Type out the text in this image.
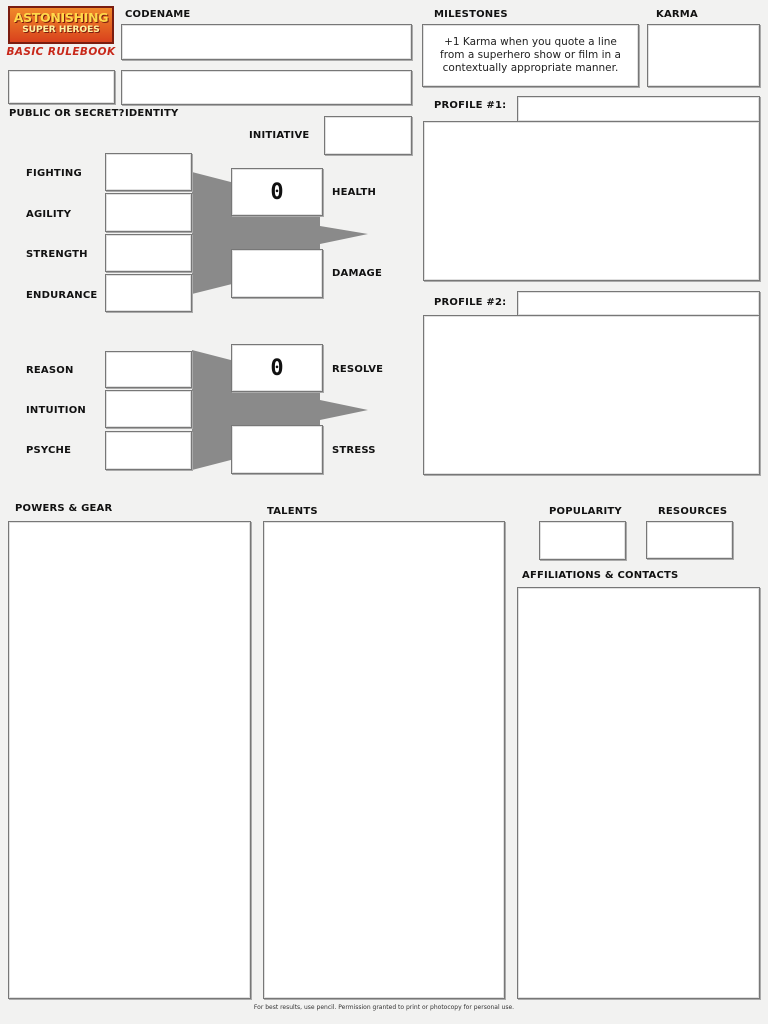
ASTONISHING
SUPER HEROES
BASIC RULEBOOK
CODENAME
PUBLIC OR SECRET? IDENTITY
MILESTONES
+1 Karma when you quote a line from a superhero show or film in a contextually appropriate manner.
KARMA
INITIATIVE
FIGHTING
AGILITY
STRENGTH
ENDURANCE
0	HEALTH
DAMAGE
REASON
INTUITION
PSYCHE
0	RESOLVE
STRESS
PROFILE #1:
PROFILE #2:
POWERS & GEAR	TALENTS	POPULARITY	RESOURCES
AFFILIATIONS & CONTACTS
For best results, use pencil. Permission granted to print or photocopy for personal use.
